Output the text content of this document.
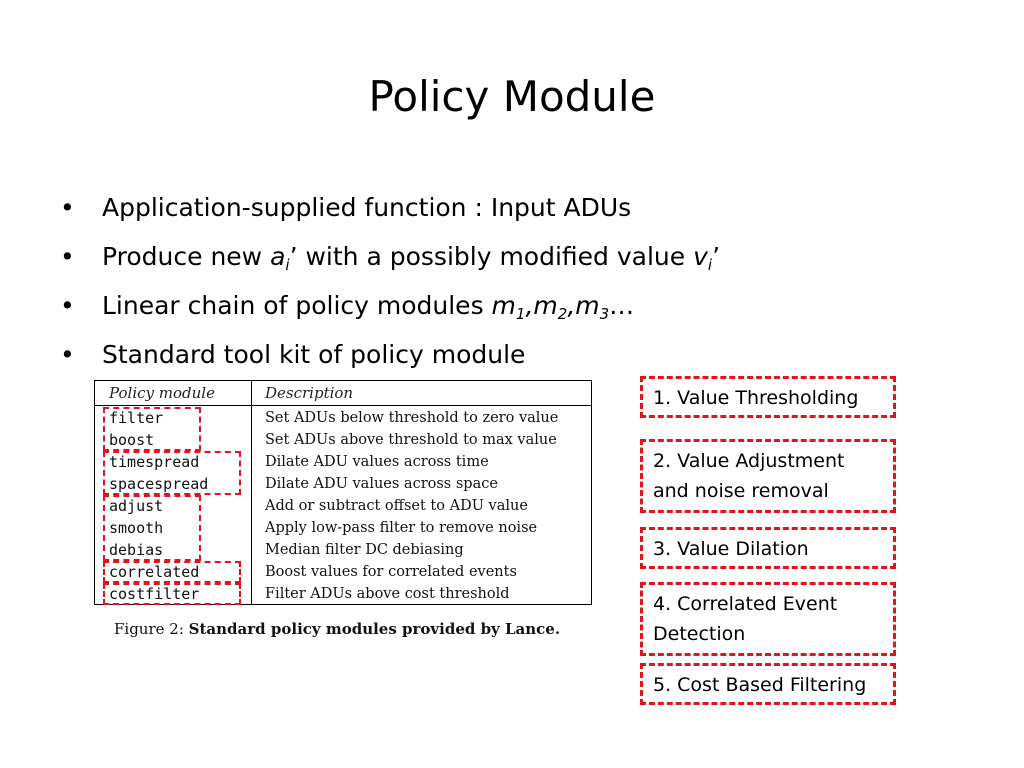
Policy Module
• Application-supplied function : Input ADUs
• Produce new $a_i$’ with a possibly modified value $v_i$’
• Linear chain of policy modules $m_1,m_2,m_3\dots$
• Standard tool kit of policy module
Policy module	Description
filter	Set ADUs below threshold to zero value
boost	Set ADUs above threshold to max value
timespread	Dilate ADU values across time
spacespread	Dilate ADU values across space
adjust	Add or subtract offset to ADU value
smooth	Apply low-pass filter to remove noise
debias	Median filter DC debiasing
correlated	Boost values for correlated events
costfilter	Filter ADUs above cost threshold
Figure 2: Standard policy modules provided by Lance.
1. Value Thresholding
2. Value Adjustment and noise removal
3. Value Dilation
4. Correlated Event Detection
5. Cost Based Filtering
